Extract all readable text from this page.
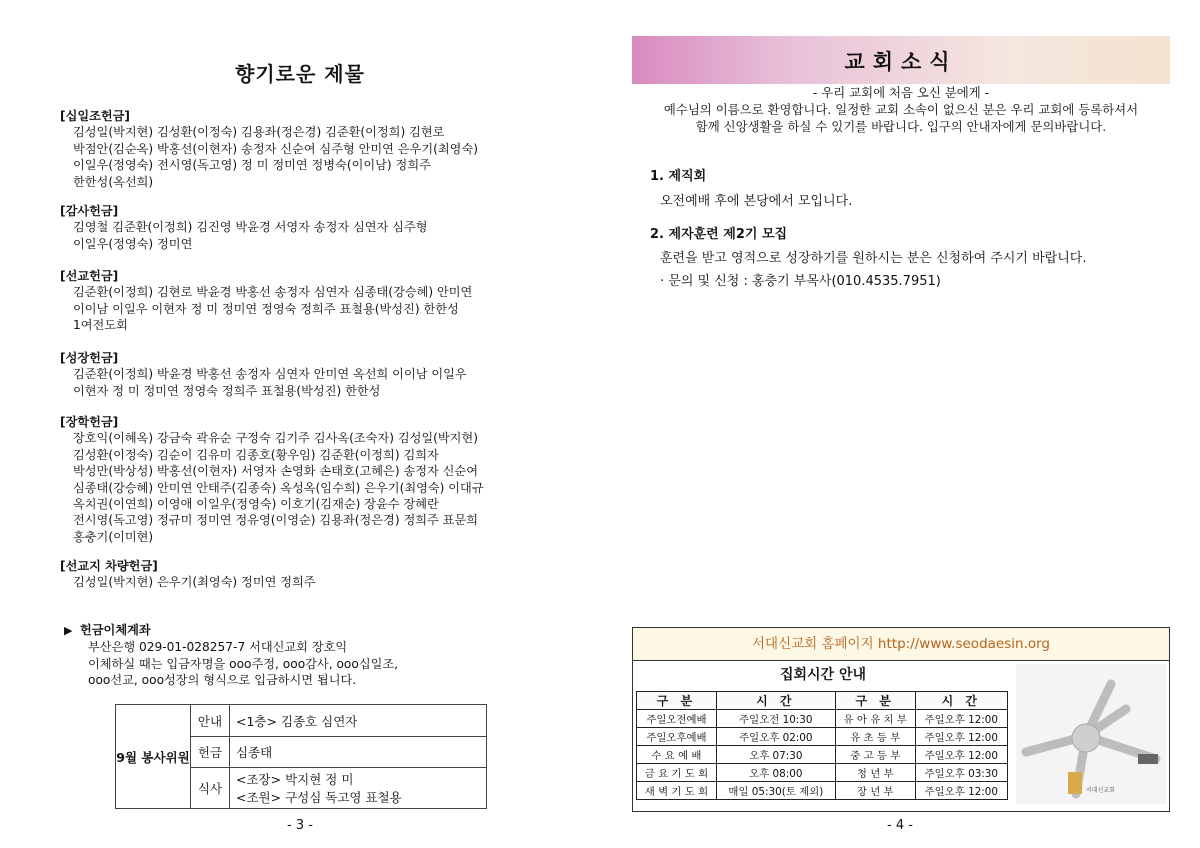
향기로운 제물
[십일조헌금]
김성일(박지현) 김성환(이정숙) 김용좌(정은경) 김준환(이정희) 김현로
박점안(김순옥) 박홍선(이현자) 송정자 신순여 심주형 안미연 은우기(최영숙)
이일우(정영숙) 전시영(독고영) 정 미 정미연 정병숙(이이남) 정희주
한한성(옥선희)
[감사헌금]
김영철 김준환(이정희) 김진영 박윤경 서영자 송정자 심연자 심주형
이일우(정영숙) 정미연
[선교헌금]
김준환(이정희) 김현로 박윤경 박홍선 송정자 심연자 심종태(강승혜) 안미연
이이남 이일우 이현자 정 미 정미연 정영숙 정희주 표철용(박성진) 한한성
1여전도회
[성장헌금]
김준환(이정희) 박윤경 박홍선 송정자 심연자 안미연 옥선희 이이남 이일우
이현자 정 미 정미연 정영숙 정희주 표철용(박성진) 한한성
[장학헌금]
장호익(이혜옥) 강금숙 곽유순 구정숙 김기주 김사옥(조숙자) 김성일(박지현)
김성환(이정숙) 김순이 김유미 김종호(황우임) 김준환(이정희) 김희자
박성만(박상성) 박홍선(이현자) 서영자 손영화 손태호(고혜은) 송정자 신순여
심종태(강승혜) 안미연 안태주(김종숙) 옥성옥(임수희) 은우기(최영숙) 이대규
옥치권(이연희) 이영애 이일우(정영숙) 이호기(김재순) 장윤수 장혜란
전시영(독고영) 정규미 정미연 정유영(이영순) 김용좌(정은경) 정희주 표문희
홍충기(이미현)
[선교지 차량헌금]
김성일(박지현) 은우기(최영숙) 정미연 정희주
▶ 헌금이체계좌
부산은행 029-01-028257-7 서대신교회 장호익
이체하실 때는 입금자명을 ooo주정, ooo감사, ooo십일조,
ooo선교, ooo성장의 형식으로 입금하시면 됩니다.
9월 봉사위원	안내	<1층> 김종호 심연자
	헌금	심종태
	식사	<조장> 박지현 정 미
<조원> 구성심 독고영 표철용
- 3 -
교회소식
- 우리 교회에 처음 오신 분에게 -
예수님의 이름으로 환영합니다. 일정한 교회 소속이 없으신 분은 우리 교회에 등록하셔서
함께 신앙생활을 하실 수 있기를 바랍니다. 입구의 안내자에게 문의바랍니다.
1. 제직회
오전예배 후에 본당에서 모입니다.
2. 제자훈련 제2기 모집
훈련을 받고 영적으로 성장하기를 원하시는 분은 신청하여 주시기 바랍니다.
· 문의 및 신청 : 홍충기 부목사(010.4535.7951)
서대신교회 홈페이지 http://www.seodaesin.org
집회시간 안내
구 분	시 간	구 분	시 간
주일오전예배	주일오전 10:30	유 아 유 치 부	주일오후 12:00
주일오후예배	주일오후 02:00	유 초 등 부	주일오후 12:00
수 요 예 배	오후 07:30	중 고 등 부	주일오후 12:00
금 요 기 도 회	오후 08:00	청 년 부	주일오후 03:30
새 벽 기 도 회	매일 05:30(토 제외)	장 년 부	주일오후 12:00	서대신교회
- 4 -
